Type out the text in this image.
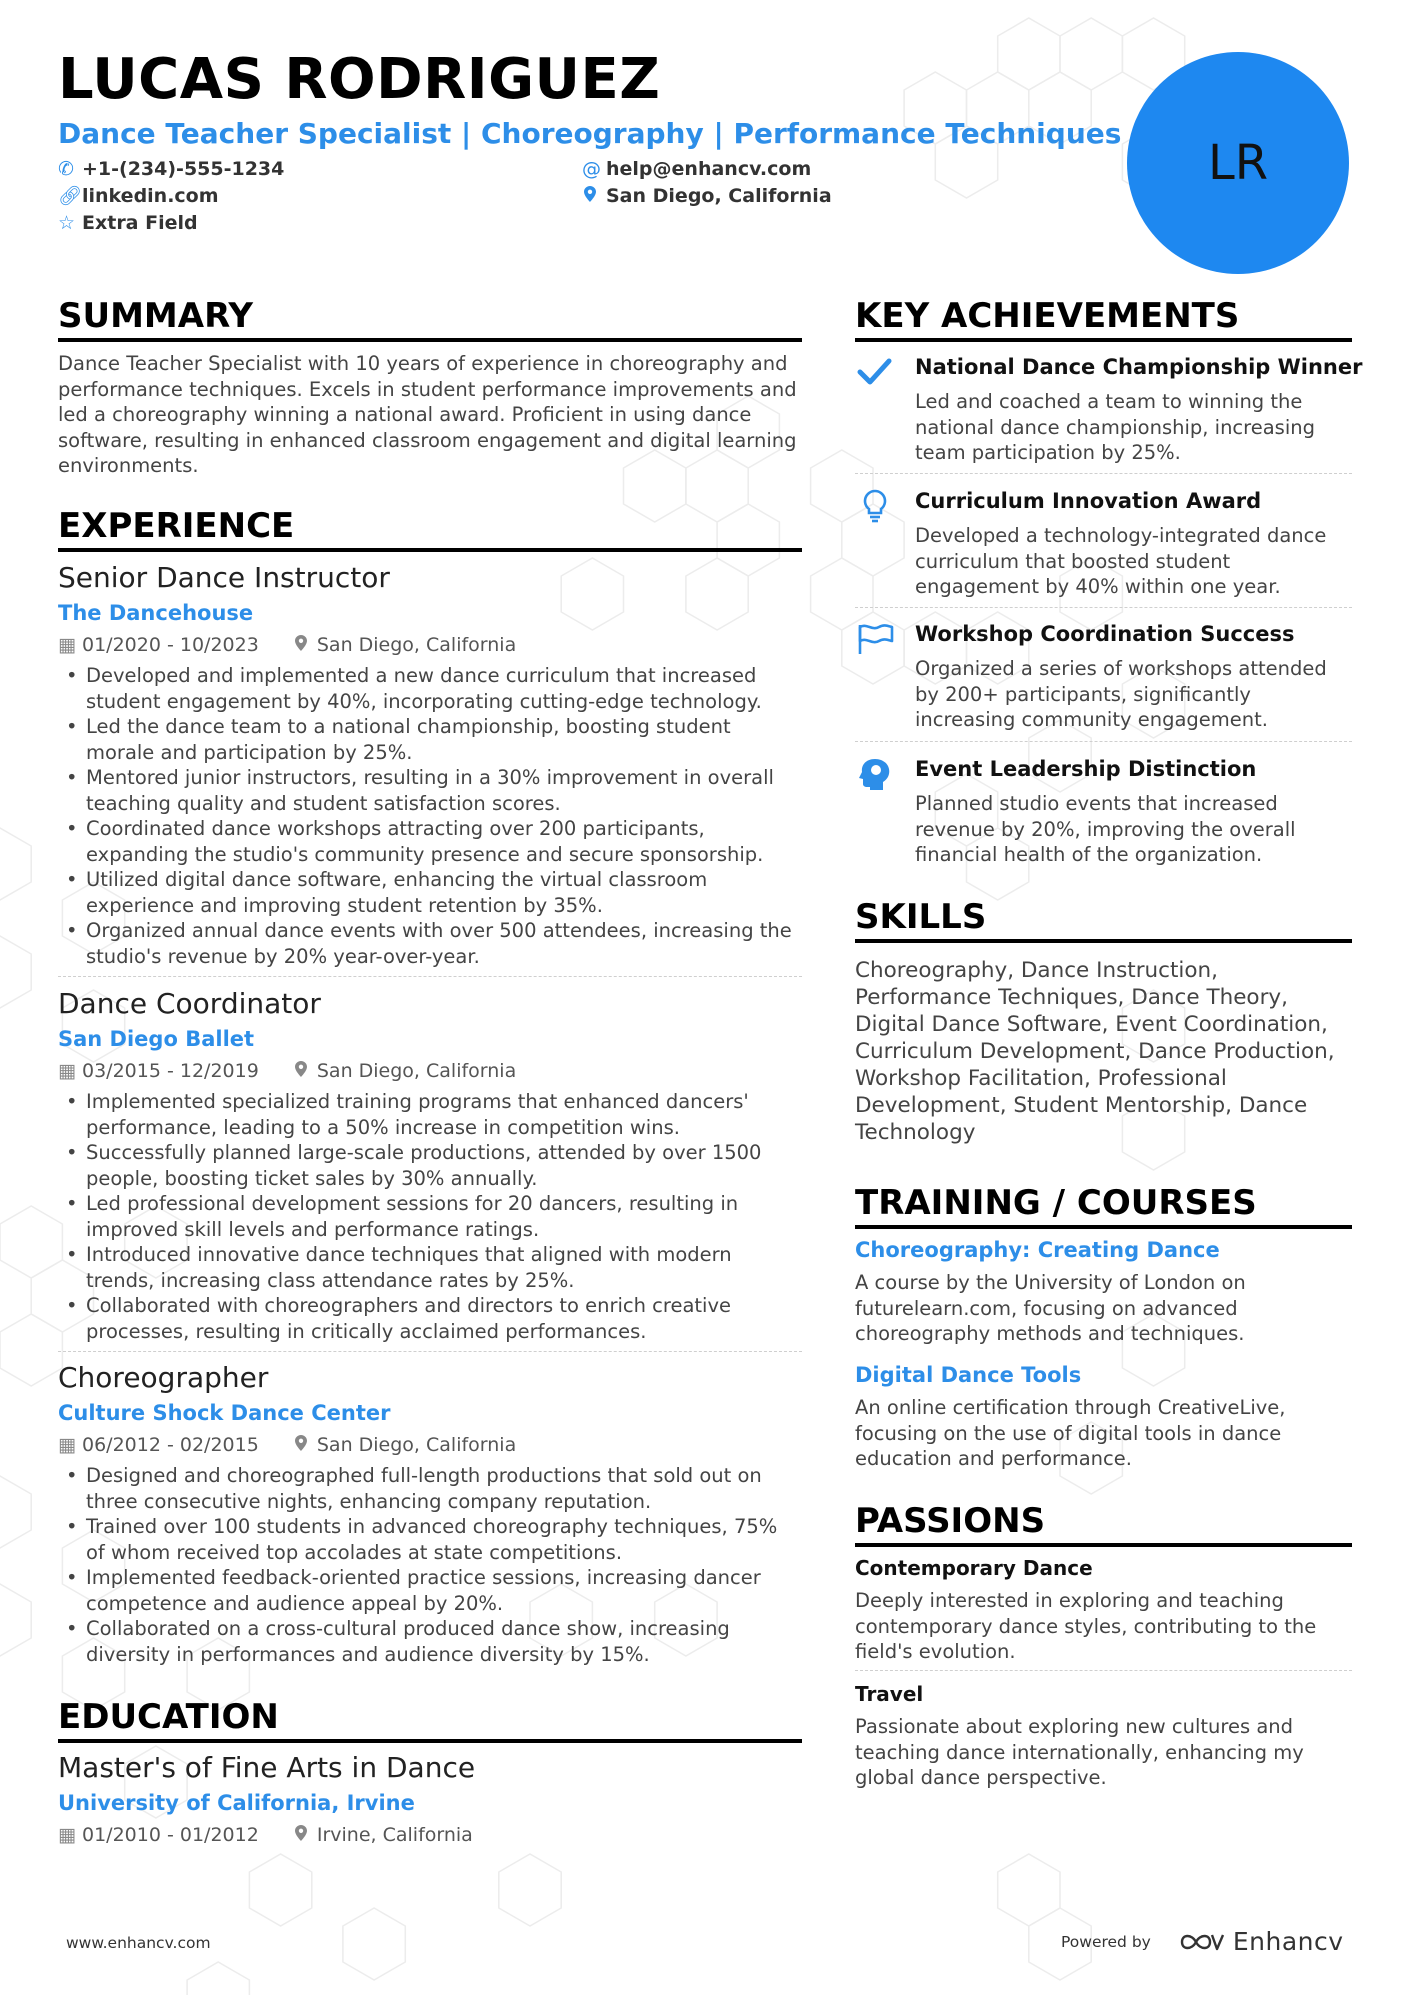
LUCAS RODRIGUEZ
Dance Teacher Specialist | Choreography | Performance Techniques
✆ +1-(234)-555-1234	@ help@enhancv.com
🔗︎linkedin.com	San Diego, California
☆ Extra Field
LR
SUMMARY
Dance Teacher Specialist with 10 years of experience in choreography and performance techniques. Excels in student performance improvements and led a choreography winning a national award. Proficient in using dance software, resulting in enhanced classroom engagement and digital learning environments.
EXPERIENCE
Senior Dance Instructor
The Dancehouse
▦ 01/2020 - 10/2023	San Diego, California
• Developed and implemented a new dance curriculum that increased student engagement by 40%, incorporating cutting-edge technology.
• Led the dance team to a national championship, boosting student morale and participation by 25%.
• Mentored junior instructors, resulting in a 30% improvement in overall teaching quality and student satisfaction scores.
• Coordinated dance workshops attracting over 200 participants, expanding the studio's community presence and secure sponsorship.
• Utilized digital dance software, enhancing the virtual classroom experience and improving student retention by 35%.
• Organized annual dance events with over 500 attendees, increasing the studio's revenue by 20% year-over-year.
Dance Coordinator
San Diego Ballet
▦ 03/2015 - 12/2019	San Diego, California
• Implemented specialized training programs that enhanced dancers' performance, leading to a 50% increase in competition wins.
• Successfully planned large-scale productions, attended by over 1500 people, boosting ticket sales by 30% annually.
• Led professional development sessions for 20 dancers, resulting in improved skill levels and performance ratings.
• Introduced innovative dance techniques that aligned with modern trends, increasing class attendance rates by 25%.
• Collaborated with choreographers and directors to enrich creative processes, resulting in critically acclaimed performances.
Choreographer
Culture Shock Dance Center
▦ 06/2012 - 02/2015	San Diego, California
• Designed and choreographed full-length productions that sold out on three consecutive nights, enhancing company reputation.
• Trained over 100 students in advanced choreography techniques, 75% of whom received top accolades at state competitions.
• Implemented feedback-oriented practice sessions, increasing dancer competence and audience appeal by 20%.
• Collaborated on a cross-cultural produced dance show, increasing diversity in performances and audience diversity by 15%.
EDUCATION
Master's of Fine Arts in Dance
University of California, Irvine
▦ 01/2010 - 01/2012	Irvine, California
KEY ACHIEVEMENTS
National Dance Championship Winner
Led and coached a team to winning the national dance championship, increasing team participation by 25%.
Curriculum Innovation Award
Developed a technology-integrated dance curriculum that boosted student engagement by 40% within one year.
Workshop Coordination Success
Organized a series of workshops attended by 200+ participants, significantly increasing community engagement.
Event Leadership Distinction
Planned studio events that increased revenue by 20%, improving the overall financial health of the organization.
SKILLS
Choreography, Dance Instruction, Performance Techniques, Dance Theory, Digital Dance Software, Event Coordination, Curriculum Development, Dance Production, Workshop Facilitation, Professional Development, Student Mentorship, Dance Technology
TRAINING / COURSES
Choreography: Creating Dance
A course by the University of London on futurelearn.com, focusing on advanced choreography methods and techniques.
Digital Dance Tools
An online certification through CreativeLive, focusing on the use of digital tools in dance education and performance.
PASSIONS
Contemporary Dance
Deeply interested in exploring and teaching contemporary dance styles, contributing to the field's evolution.
Travel
Passionate about exploring new cultures and teaching dance internationally, enhancing my global dance perspective.
www.enhancv.com	Powered by	Enhancv
